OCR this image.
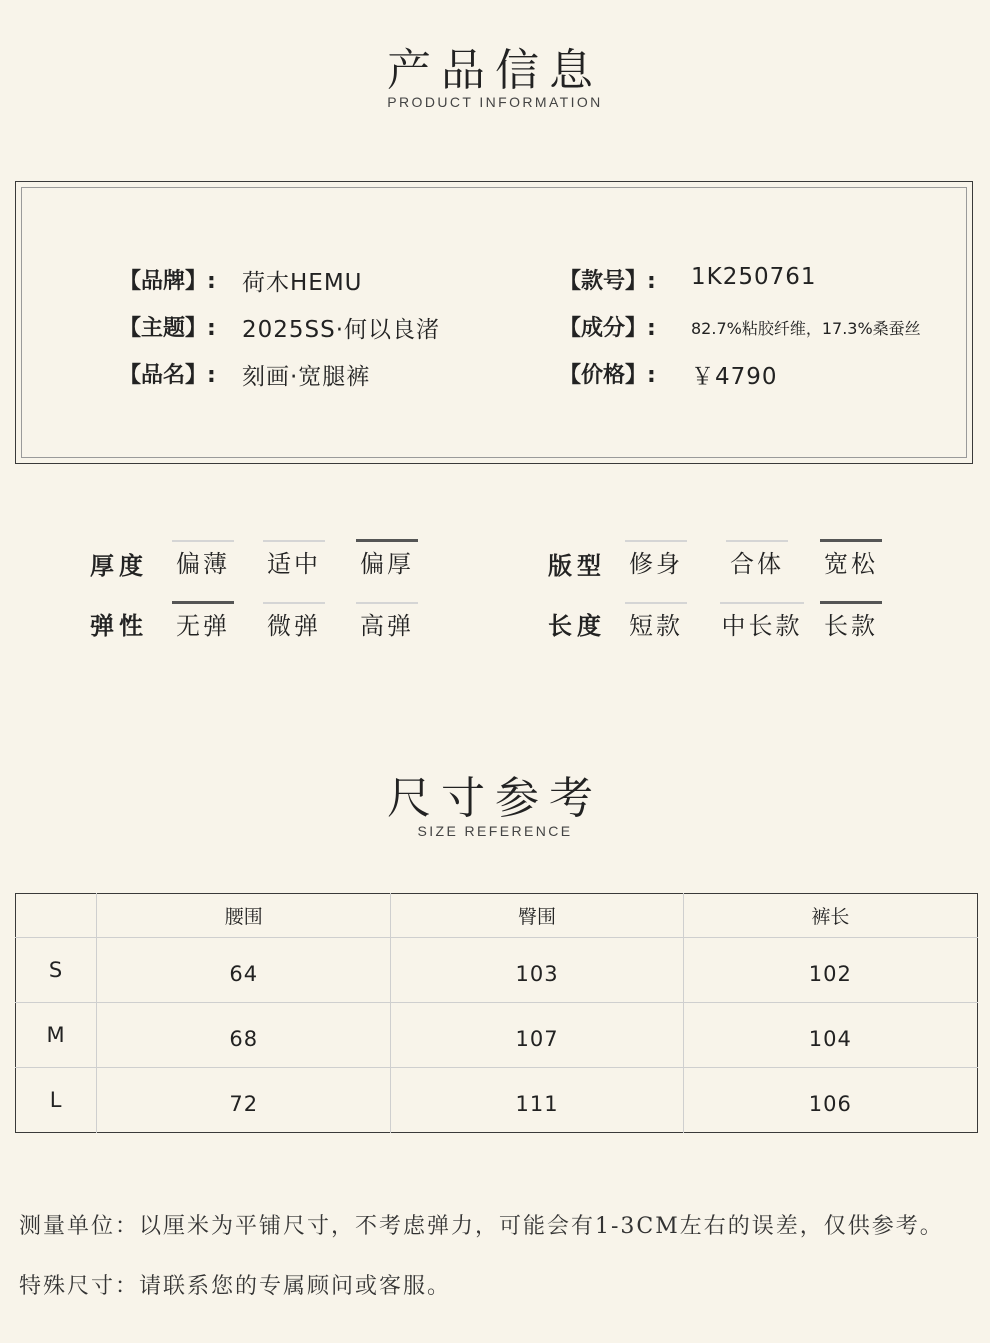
产品信息
PRODUCT INFORMATION
【品牌】: 荷木HEMU
【主题】: 2025SS·何以良渚
【品名】: 刻画·宽腿裤
【款号】: 1K250761
【成分】: 82.7%粘胶纤维，17.3%桑蚕丝
【价格】: ￥4790
厚度 偏薄 适中 偏厚
弹性 无弹 微弹 高弹
版型 修身 合体 宽松
长度 短款 中长款 长款
尺寸参考
SIZE REFERENCE
	腰围	臀围	裤长
S	64	103	102
M	68	107	104
L	72	111	106
测量单位：以厘米为平铺尺寸，不考虑弹力，可能会有1-3CM左右的误差，仅供参考。
特殊尺寸：请联系您的专属顾问或客服。
